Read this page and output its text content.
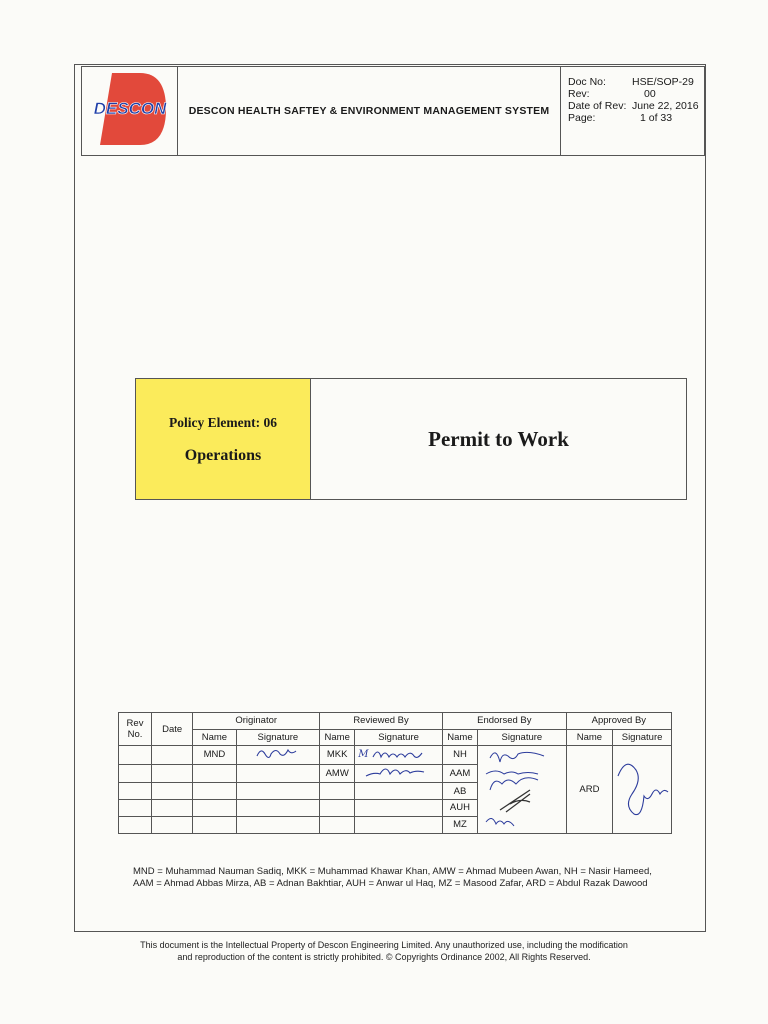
DESCON	DESCON HEALTH SAFTEY & ENVIRONMENT MANAGEMENT SYSTEM
Doc No:	HSE/SOP-29
Rev:	00
Date of Rev: June 22, 2016
Page:	1 of 33
Policy Element: 06
Operations
Permit to Work
Rev No.	Date	Originator		Reviewed By		Endorsed By		Approved By	
		Name	Signature	Name	Signature	Name	Signature	Name	Signature
		MND		MKK	M	NH		ARD	
				AMW		AAM			
						AB			
						AUH			
						MZ			
MND = Muhammad Nauman Sadiq, MKK = Muhammad Khawar Khan, AMW = Ahmad Mubeen Awan, NH = Nasir Hameed,
AAM = Ahmad Abbas Mirza, AB = Adnan Bakhtiar, AUH = Anwar ul Haq, MZ = Masood Zafar, ARD = Abdul Razak Dawood
This document is the Intellectual Property of Descon Engineering Limited. Any unauthorized use, including the modification
and reproduction of the content is strictly prohibited. © Copyrights Ordinance 2002, All Rights Reserved.
